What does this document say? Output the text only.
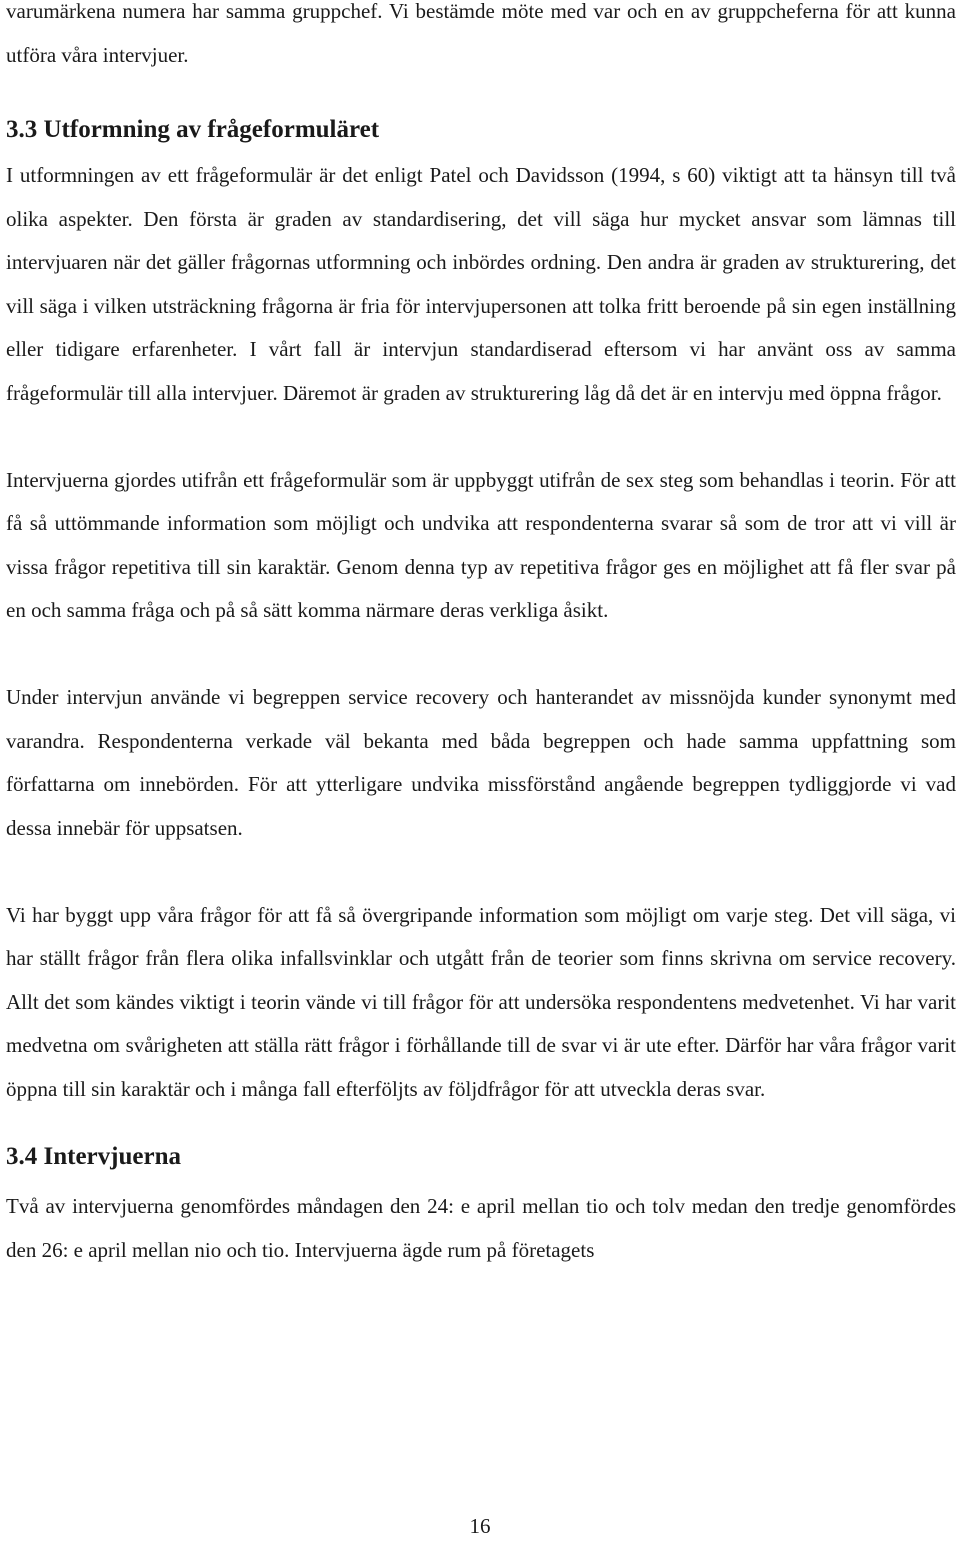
varumärkena numera har samma gruppchef. Vi bestämde möte med var och en av gruppcheferna för att kunna utföra våra intervjuer.

3.3 Utformning av frågeformuläret

I utformningen av ett frågeformulär är det enligt Patel och Davidsson (1994, s 60) viktigt att ta hänsyn till två olika aspekter. Den första är graden av standardisering, det vill säga hur mycket ansvar som lämnas till intervjuaren när det gäller frågornas utformning och inbördes ordning. Den andra är graden av strukturering, det vill säga i vilken utsträckning frågorna är fria för intervjupersonen att tolka fritt beroende på sin egen inställning eller tidigare erfarenheter. I vårt fall är intervjun standardiserad eftersom vi har använt oss av samma frågeformulär till alla intervjuer. Däremot är graden av strukturering låg då det är en intervju med öppna frågor.

Intervjuerna gjordes utifrån ett frågeformulär som är uppbyggt utifrån de sex steg som behandlas i teorin. För att få så uttömmande information som möjligt och undvika att respondenterna svarar så som de tror att vi vill är vissa frågor repetitiva till sin karaktär. Genom denna typ av repetitiva frågor ges en möjlighet att få fler svar på en och samma fråga och på så sätt komma närmare deras verkliga åsikt.

Under intervjun använde vi begreppen service recovery och hanterandet av missnöjda kunder synonymt med varandra. Respondenterna verkade väl bekanta med båda begreppen och hade samma uppfattning som författarna om innebörden. För att ytterligare undvika missförstånd angående begreppen tydliggjorde vi vad dessa innebär för uppsatsen.

Vi har byggt upp våra frågor för att få så övergripande information som möjligt om varje steg. Det vill säga, vi har ställt frågor från flera olika infallsvinklar och utgått från de teorier som finns skrivna om service recovery. Allt det som kändes viktigt i teorin vände vi till frågor för att undersöka respondentens medvetenhet. Vi har varit medvetna om svårigheten att ställa rätt frågor i förhållande till de svar vi är ute efter. Därför har våra frågor varit öppna till sin karaktär och i många fall efterföljts av följdfrågor för att utveckla deras svar.

3.4 Intervjuerna

Två av intervjuerna genomfördes måndagen den 24: e april mellan tio och tolv medan den tredje genomfördes den 26: e april mellan nio och tio. Intervjuerna ägde rum på företagets

16
